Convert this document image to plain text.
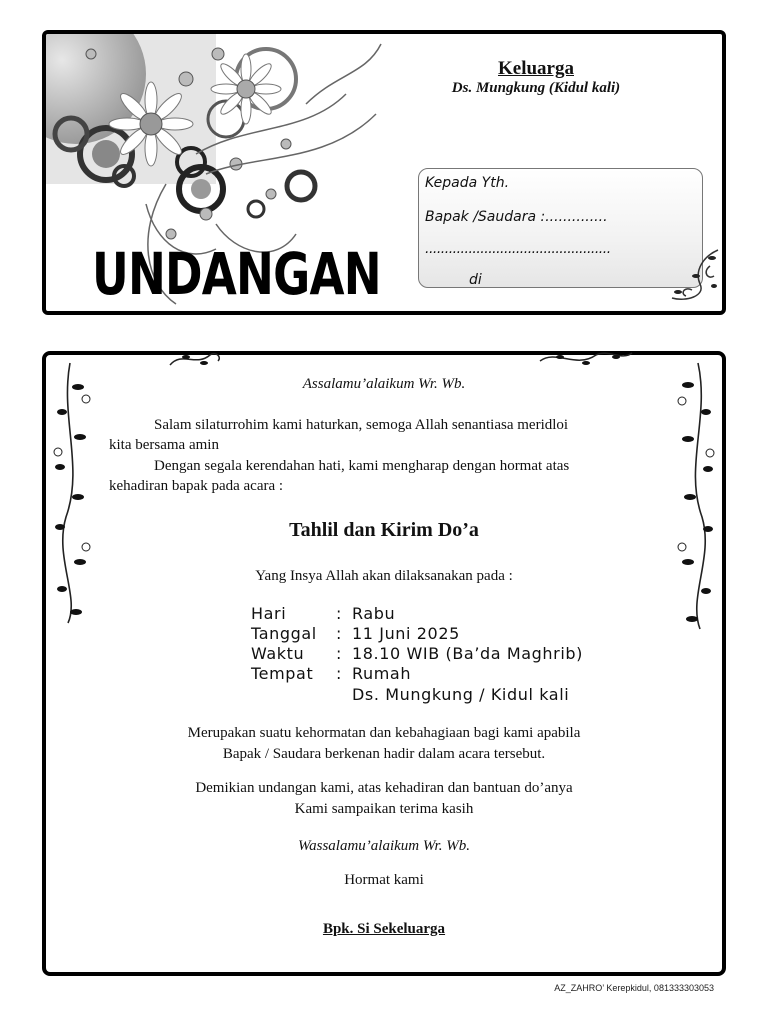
Keluarga
Ds. Mungkung (Kidul kali)
Kepada Yth.
Bapak /Saudara :..............
...............................................
di
UNDANGAN
Assalamu’alaikum Wr. Wb.
Salam silaturrohim kami haturkan, semoga Allah senantiasa meridloi
kita bersama amin
Dengan segala kerendahan hati, kami mengharap dengan hormat atas
kehadiran bapak pada acara :
Tahlil dan Kirim Do’a
Yang Insya Allah akan dilaksanakan pada :
Hari	: Rabu
Tanggal : 11 Juni 2025
Waktu : 18.10 WIB (Ba’da Maghrib)
Tempat : Rumah
Ds. Mungkung / Kidul kali
Merupakan suatu kehormatan dan kebahagiaan bagi kami apabila
Bapak / Saudara berkenan hadir dalam acara tersebut.
Demikian undangan kami, atas kehadiran dan bantuan do’anya
Kami sampaikan terima kasih
Wassalamu’alaikum Wr. Wb.
Hormat kami
Bpk. Si Sekeluarga
AZ_ZAHRO’ Kerepkidul, 081333303053
